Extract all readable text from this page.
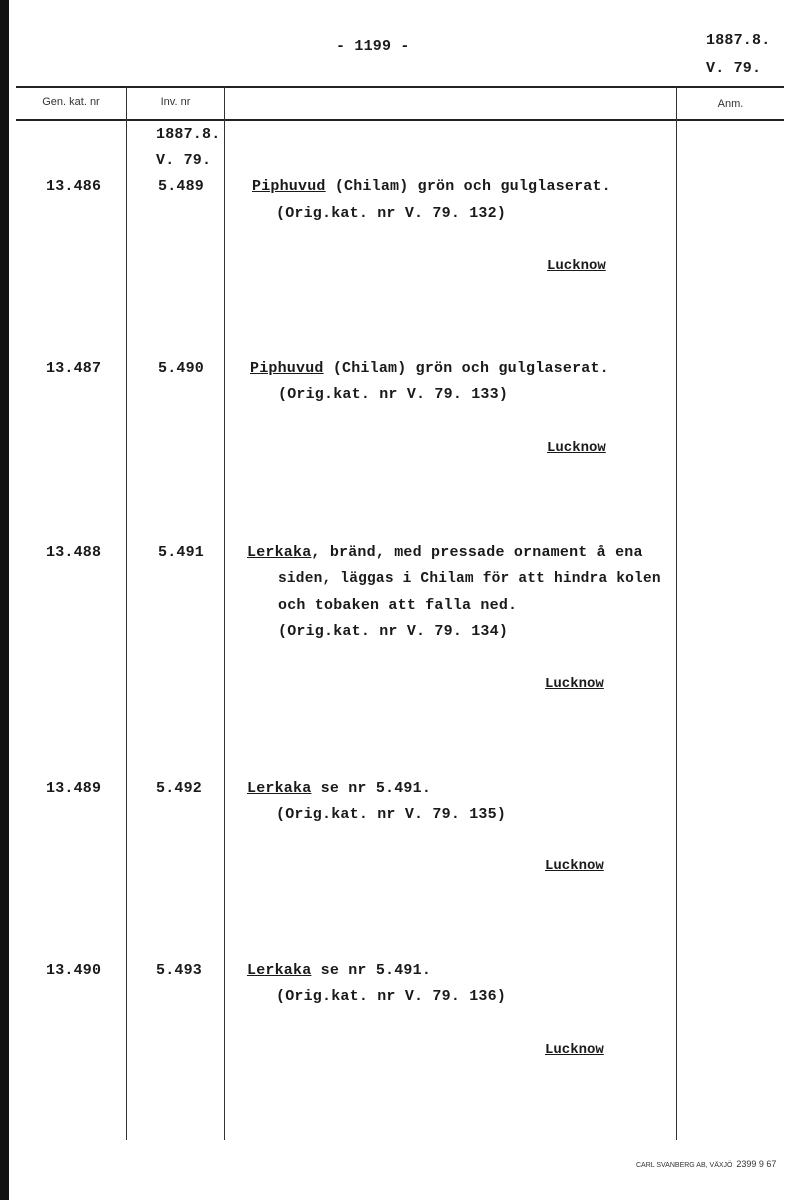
- 1199 -	1887.8.
V. 79.
Gen. kat. nr	Inv. nr	Anm.
1887.8.
V. 79.
13.486	5.489	Piphuvud (Chilam) grön och gulglaserat.
(Orig.kat. nr V. 79. 132)
Lucknow
13.487	5.490	Piphuvud (Chilam) grön och gulglaserat.
(Orig.kat. nr V. 79. 133)
Lucknow
13.488	5.491	Lerkaka, bränd, med pressade ornament å ena
siden, läggas i Chilam för att hindra kolen
och tobaken att falla ned.
(Orig.kat. nr V. 79. 134)
Lucknow
13.489	5.492	Lerkaka se nr 5.491.
(Orig.kat. nr V. 79. 135)
Lucknow
13.490	5.493	Lerkaka se nr 5.491.
(Orig.kat. nr V. 79. 136)
Lucknow
CARL SVANBERG AB, VÄXJÖ 2399 9 67
